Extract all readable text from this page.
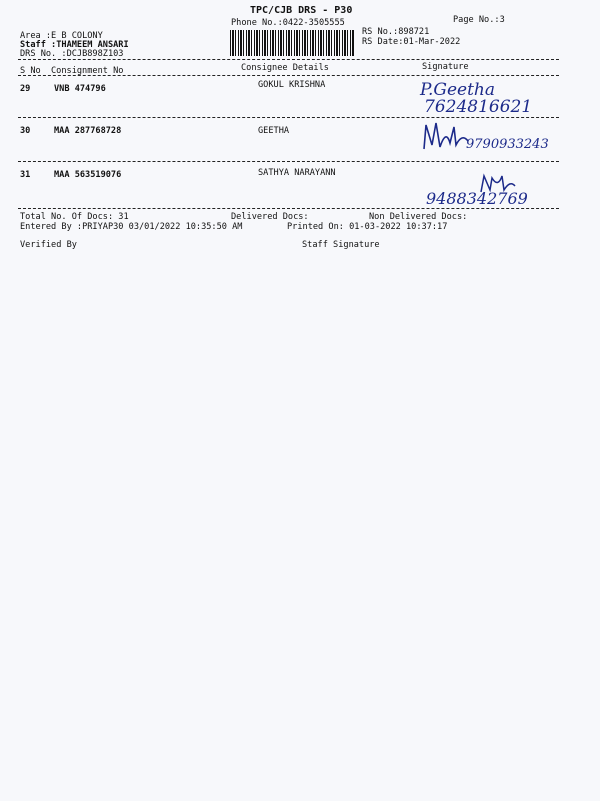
TPC/CJB DRS - P30
Phone No.:0422-3505555	Page No.:3
RS No.:898721
RS Date:01-Mar-2022
Area :E B COLONY
Staff :THAMEEM ANSARI
DRS No. :DCJB898Z103
S No Consignment No	Consignee Details	Signature
29	VNB 474796	GOKUL KRISHNA	P.Geetha
7624816621
30	MAA 287768728	GEETHA
9790933243
31	MAA 563519076	SATHYA NARAYANN
9488342769
Total No. Of Docs: 31	Delivered Docs:	Non Delivered Docs:
Entered By :PRIYAP30 03/01/2022 10:35:50 AM	Printed On: 01-03-2022 10:37:17
Verified By	Staff Signature
